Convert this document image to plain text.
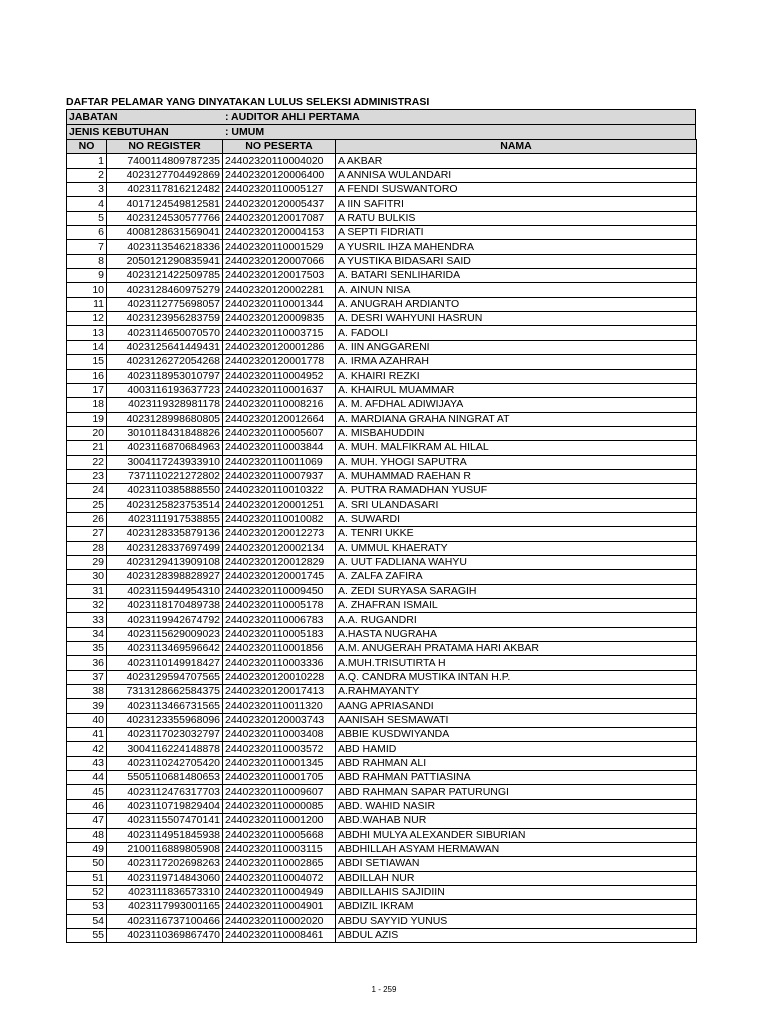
DAFTAR PELAMAR YANG DINYATAKAN LULUS SELEKSI ADMINISTRASI
JABATAN	: AUDITOR AHLI PERTAMA
JENIS KEBUTUHAN	: UMUM
NO	NO REGISTER	NO PESERTA	NAMA
1	7400114809787235	24402320110004020	A AKBAR
2	4023127704492869	24402320120006400	A ANNISA WULANDARI
3	4023117816212482	24402320110005127	A FENDI SUSWANTORO
4	4017124549812581	24402320120005437	A IIN SAFITRI
5	4023124530577766	24402320120017087	A RATU BULKIS
6	4008128631569041	24402320120004153	A SEPTI FIDRIATI
7	4023113546218336	24402320110001529	A YUSRIL IHZA MAHENDRA
8	2050121290835941	24402320120007066	A YUSTIKA BIDASARI SAID
9	4023121422509785	24402320120017503	A. BATARI SENLIHARIDA
10	4023128460975279	24402320120002281	A. AINUN NISA
11	4023112775698057	24402320110001344	A. ANUGRAH ARDIANTO
12	4023123956283759	24402320120009835	A. DESRI WAHYUNI HASRUN
13	4023114650070570	24402320110003715	A. FADOLI
14	4023125641449431	24402320120001286	A. IIN ANGGARENI
15	4023126272054268	24402320120001778	A. IRMA AZAHRAH
16	4023118953010797	24402320110004952	A. KHAIRI REZKI
17	4003116193637723	24402320110001637	A. KHAIRUL MUAMMAR
18	4023119328981178	24402320110008216	A. M. AFDHAL ADIWIJAYA
19	4023128998680805	24402320120012664	A. MARDIANA GRAHA NINGRAT AT
20	3010118431848826	24402320110005607	A. MISBAHUDDIN
21	4023116870684963	24402320110003844	A. MUH. MALFIKRAM AL HILAL
22	3004117243933910	24402320110011069	A. MUH. YHOGI SAPUTRA
23	7371110221272802	24402320110007937	A. MUHAMMAD RAEHAN R
24	4023110385888550	24402320110010322	A. PUTRA RAMADHAN YUSUF
25	4023125823753514	24402320120001251	A. SRI ULANDASARI
26	4023111917538855	24402320110010082	A. SUWARDI
27	4023128335879136	24402320120012273	A. TENRI UKKE
28	4023128337697499	24402320120002134	A. UMMUL KHAERATY
29	4023129413909108	24402320120012829	A. UUT FADLIANA WAHYU
30	4023128398828927	24402320120001745	A. ZALFA ZAFIRA
31	4023115944954310	24402320110009450	A. ZEDI SURYASA SARAGIH
32	4023118170489738	24402320110005178	A. ZHAFRAN ISMAIL
33	4023119942674792	24402320110006783	A.A. RUGANDRI
34	4023115629009023	24402320110005183	A.HASTA NUGRAHA
35	4023113469596642	24402320110001856	A.M. ANUGERAH PRATAMA HARI AKBAR
36	4023110149918427	24402320110003336	A.MUH.TRISUTIRTA H
37	4023129594707565	24402320120010228	A.Q. CANDRA MUSTIKA INTAN H.P.
38	7313128662584375	24402320120017413	A.RAHMAYANTY
39	4023113466731565	24402320110011320	AANG APRIASANDI
40	4023123355968096	24402320120003743	AANISAH SESMAWATI
41	4023117023032797	24402320110003408	ABBIE KUSDWIYANDA
42	3004116224148878	24402320110003572	ABD HAMID
43	4023110242705420	24402320110001345	ABD RAHMAN ALI
44	5505110681480653	24402320110001705	ABD RAHMAN PATTIASINA
45	4023112476317703	24402320110009607	ABD RAHMAN SAPAR PATURUNGI
46	4023110719829404	24402320110000085	ABD. WAHID NASIR
47	4023115507470141	24402320110001200	ABD.WAHAB NUR
48	4023114951845938	24402320110005668	ABDHI MULYA ALEXANDER SIBURIAN
49	2100116889805908	24402320110003115	ABDHILLAH ASYAM HERMAWAN
50	4023117202698263	24402320110002865	ABDI SETIAWAN
51	4023119714843060	24402320110004072	ABDILLAH NUR
52	4023111836573310	24402320110004949	ABDILLAHIS SAJIDIIN
53	4023117993001165	24402320110004901	ABDIZIL IKRAM
54	4023116737100466	24402320110002020	ABDU SAYYID YUNUS
55	4023110369867470	24402320110008461	ABDUL AZIS
1 - 259
